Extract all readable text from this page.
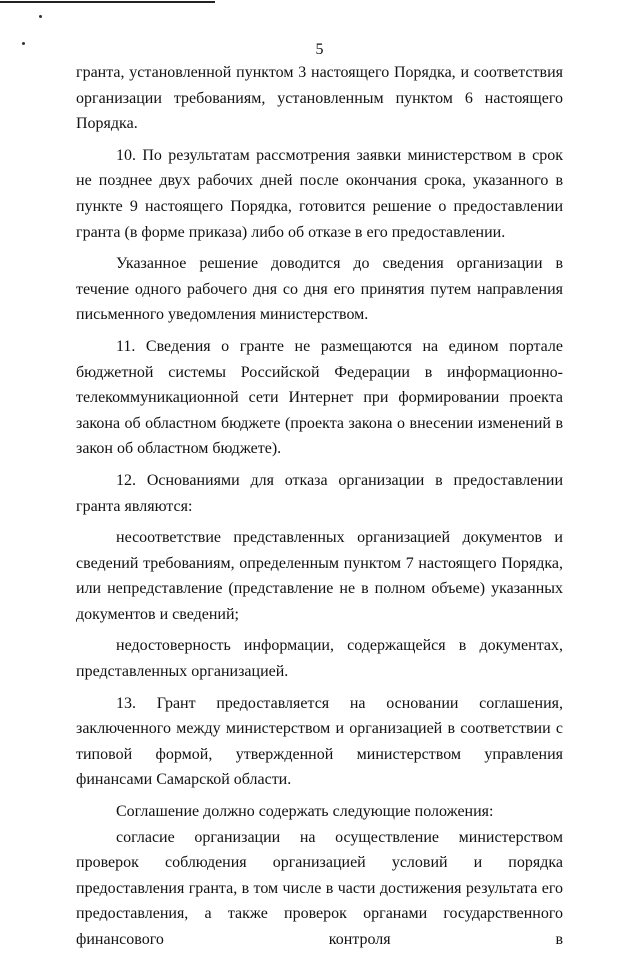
5

гранта, установленной пунктом 3 настоящего Порядка, и соответствия организации требованиям, установленным пунктом 6 настоящего Порядка.

10. По результатам рассмотрения заявки министерством в срок не позднее двух рабочих дней после окончания срока, указанного в пункте 9 настоящего Порядка, готовится решение о предоставлении гранта (в форме приказа) либо об отказе в его предоставлении.

Указанное решение доводится до сведения организации в течение одного рабочего дня со дня его принятия путем направления письменного уведомления министерством.

11. Сведения о гранте не размещаются на едином портале бюджетной системы Российской Федерации в информационно-телекоммуникационной сети Интернет при формировании проекта закона об областном бюджете (проекта закона о внесении изменений в закон об областном бюджете).

12. Основаниями для отказа организации в предоставлении гранта являются:

несоответствие представленных организацией документов и сведений требованиям, определенным пунктом 7 настоящего Порядка, или непредставление (представление не в полном объеме) указанных документов и сведений;

недостоверность информации, содержащейся в документах, представленных организацией.

13. Грант предоставляется на основании соглашения, заключенного между министерством и организацией в соответствии с типовой формой, утвержденной министерством управления финансами Самарской области.

Соглашение должно содержать следующие положения:

согласие организации на осуществление министерством проверок соблюдения организацией условий и порядка предоставления гранта, в том числе в части достижения результата его предоставления, а также проверок органами государственного финансового контроля в
